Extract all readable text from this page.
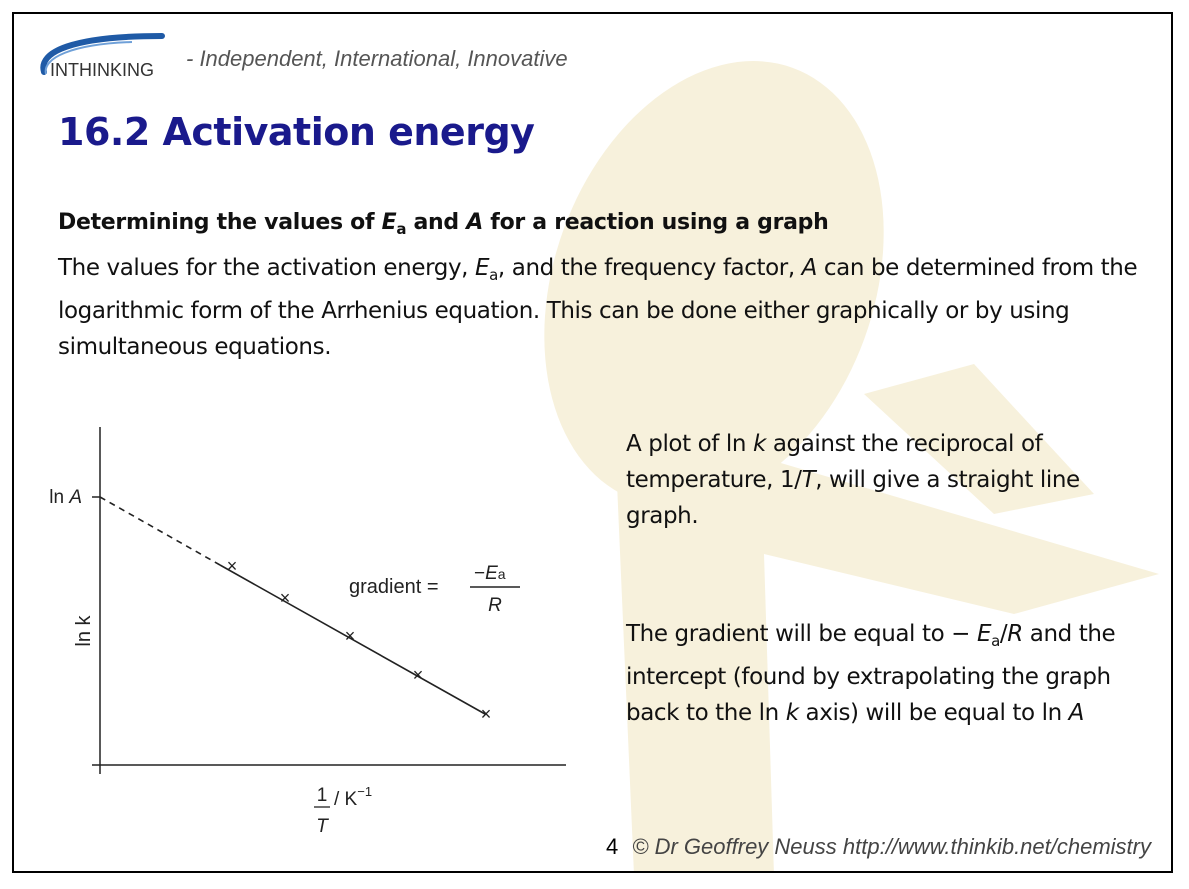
INTHINKING - Independent, International, Innovative
16.2 Activation energy
Determining the values of $E_a$ and A for a reaction using a graph
The values for the activation energy, $E_a$, and the frequency factor, A can be determined from the logarithmic form of the Arrhenius equation. This can be done either graphically or by using simultaneous equations.
ln A
ln k
×
×
×
×
×
gradient =
−Ea
R
1
T
/ $K^{-1}$
A plot of ln k against the reciprocal of temperature, 1/T, will give a straight line graph.
The gradient will be equal to − $E_a/R$ and the intercept (found by extrapolating the graph back to the ln k axis) will be equal to ln A
4 © Dr Geoffrey Neuss http://www.thinkib.net/chemistry
